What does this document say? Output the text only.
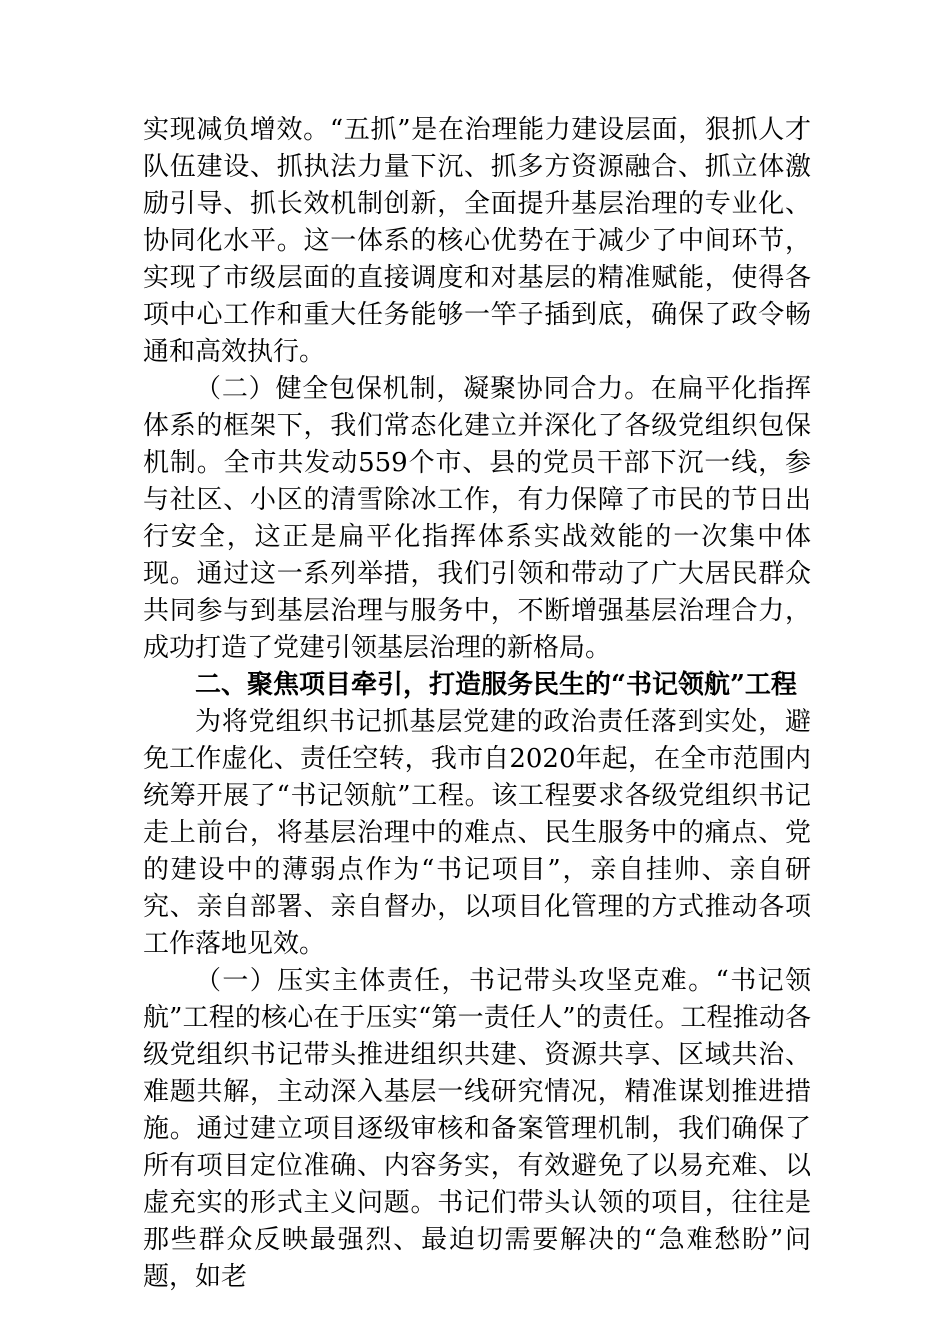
实现减负增效。“五抓”是在治理能力建设层面，狠抓人才队伍建设、抓执法力量下沉、抓多方资源融合、抓立体激励引导、抓长效机制创新，全面提升基层治理的专业化、协同化水平。这一体系的核心优势在于减少了中间环节，实现了市级层面的直接调度和对基层的精准赋能，使得各项中心工作和重大任务能够一竿子插到底，确保了政令畅通和高效执行。

（二）健全包保机制，凝聚协同合力。在扁平化指挥体系的框架下，我们常态化建立并深化了各级党组织包保机制。全市共发动559个市、县的党员干部下沉一线，参与社区、小区的清雪除冰工作，有力保障了市民的节日出行安全，这正是扁平化指挥体系实战效能的一次集中体现。通过这一系列举措，我们引领和带动了广大居民群众共同参与到基层治理与服务中，不断增强基层治理合力，成功打造了党建引领基层治理的新格局。

二、聚焦项目牵引，打造服务民生的“书记领航”工程

为将党组织书记抓基层党建的政治责任落到实处，避免工作虚化、责任空转，我市自2020年起，在全市范围内统筹开展了“书记领航”工程。该工程要求各级党组织书记走上前台，将基层治理中的难点、民生服务中的痛点、党的建设中的薄弱点作为“书记项目”，亲自挂帅、亲自研究、亲自部署、亲自督办，以项目化管理的方式推动各项工作落地见效。

（一）压实主体责任，书记带头攻坚克难。“书记领航”工程的核心在于压实“第一责任人”的责任。工程推动各级党组织书记带头推进组织共建、资源共享、区域共治、难题共解，主动深入基层一线研究情况，精准谋划推进措施。通过建立项目逐级审核和备案管理机制，我们确保了所有项目定位准确、内容务实，有效避免了以易充难、以虚充实的形式主义问题。书记们带头认领的项目，往往是那些群众反映最强烈、最迫切需要解决的“急难愁盼”问题，如老
